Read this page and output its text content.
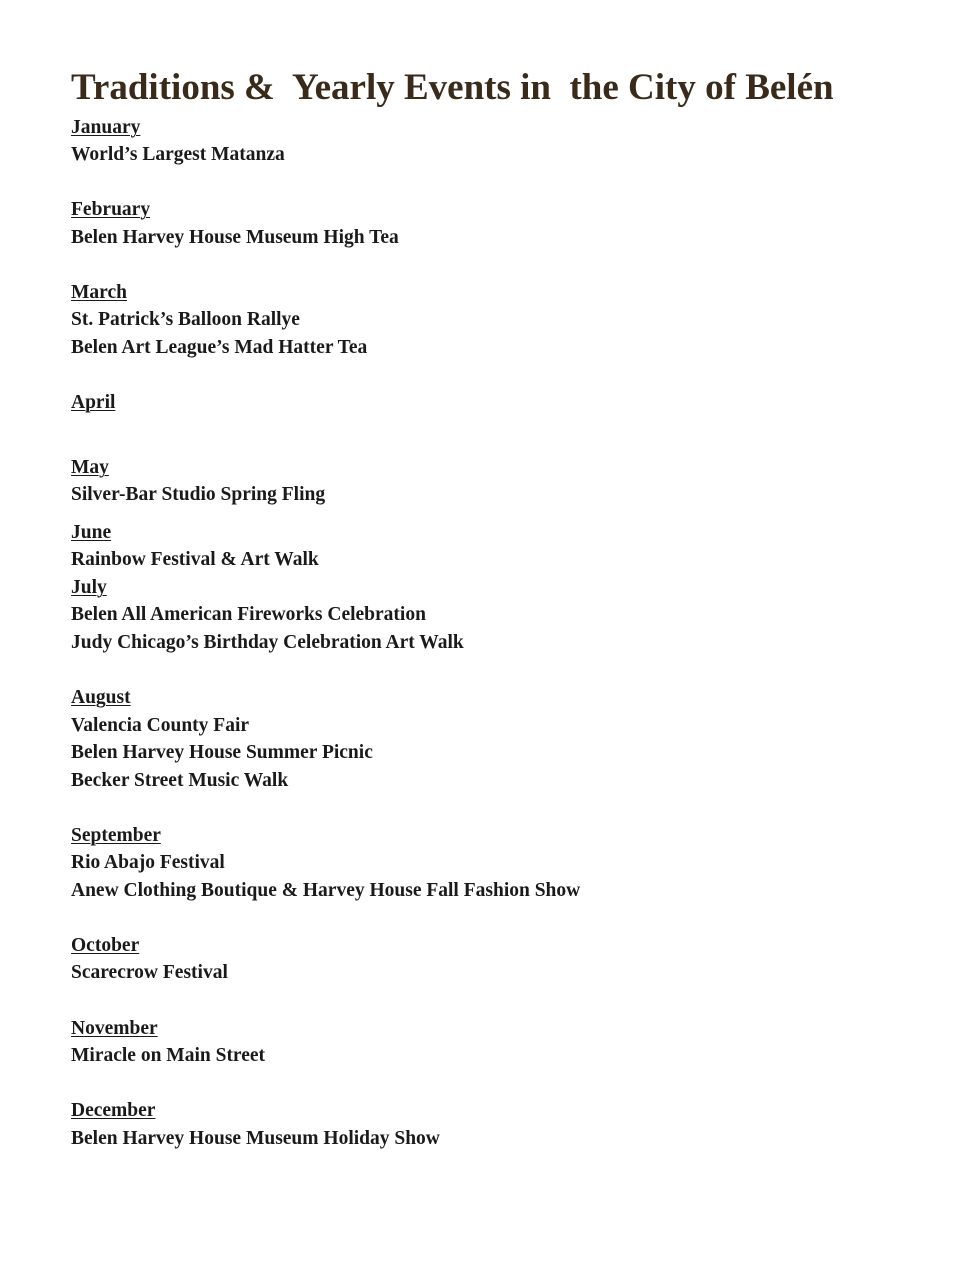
Traditions &  Yearly Events in  the City of Belén
January
World’s Largest Matanza
February
Belen Harvey House Museum High Tea
March
St. Patrick’s Balloon Rallye
Belen Art League’s Mad Hatter Tea
April
May
Silver-Bar Studio Spring Fling
June
Rainbow Festival & Art Walk
July
Belen All American Fireworks Celebration
Judy Chicago’s Birthday Celebration Art Walk
August
Valencia County Fair
Belen Harvey House Summer Picnic
Becker Street Music Walk
September
Rio Abajo Festival
Anew Clothing Boutique & Harvey House Fall Fashion Show
October
Scarecrow Festival
November
Miracle on Main Street
December
Belen Harvey House Museum Holiday Show
